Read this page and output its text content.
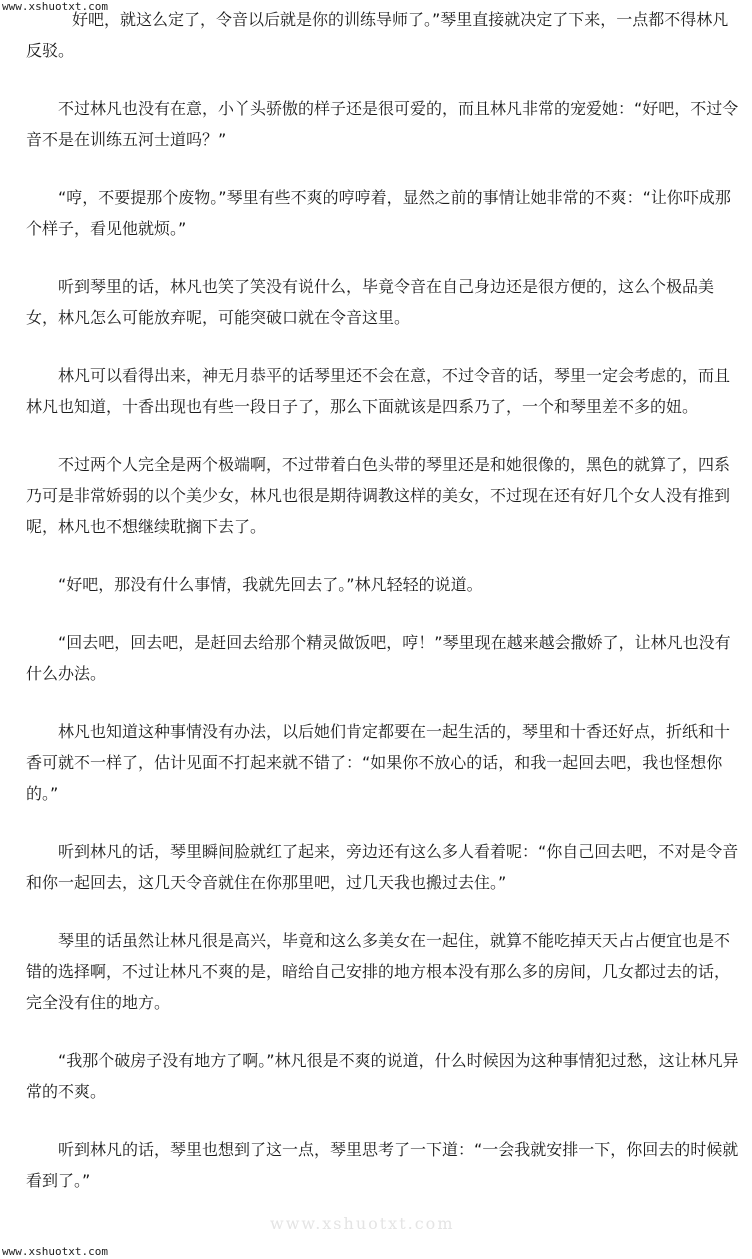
www.xshuotxt.com

好吧，就这么定了，令音以后就是你的训练导师了。”琴里直接就决定了下来，一点都不得林凡反驳。

不过林凡也没有在意，小丫头骄傲的样子还是很可爱的，而且林凡非常的宠爱她：“好吧，不过令音不是在训练五河士道吗？”

“哼，不要提那个废物。”琴里有些不爽的哼哼着，显然之前的事情让她非常的不爽：“让你吓成那个样子，看见他就烦。”

听到琴里的话，林凡也笑了笑没有说什么，毕竟令音在自己身边还是很方便的，这么个极品美女，林凡怎么可能放弃呢，可能突破口就在令音这里。

林凡可以看得出来，神无月恭平的话琴里还不会在意，不过令音的话，琴里一定会考虑的，而且林凡也知道，十香出现也有些一段日子了，那么下面就该是四系乃了，一个和琴里差不多的妞。

不过两个人完全是两个极端啊，不过带着白色头带的琴里还是和她很像的，黑色的就算了，四系乃可是非常娇弱的以个美少女，林凡也很是期待调教这样的美女，不过现在还有好几个女人没有推到呢，林凡也不想继续耽搁下去了。

“好吧，那没有什么事情，我就先回去了。”林凡轻轻的说道。

“回去吧，回去吧，是赶回去给那个精灵做饭吧，哼！”琴里现在越来越会撒娇了，让林凡也没有什么办法。

林凡也知道这种事情没有办法，以后她们肯定都要在一起生活的，琴里和十香还好点，折纸和十香可就不一样了，估计见面不打起来就不错了：“如果你不放心的话，和我一起回去吧，我也怪想你的。”

听到林凡的话，琴里瞬间脸就红了起来，旁边还有这么多人看着呢：“你自己回去吧，不对是令音和你一起回去，这几天令音就住在你那里吧，过几天我也搬过去住。”

琴里的话虽然让林凡很是高兴，毕竟和这么多美女在一起住，就算不能吃掉天天占占便宜也是不错的选择啊，不过让林凡不爽的是，暗给自己安排的地方根本没有那么多的房间，几女都过去的话，完全没有住的地方。

“我那个破房子没有地方了啊。”林凡很是不爽的说道，什么时候因为这种事情犯过愁，这让林凡异常的不爽。

听到林凡的话，琴里也想到了这一点，琴里思考了一下道：“一会我就安排一下，你回去的时候就看到了。”

www.xshuotxt.com
www.xshuotxt.com
